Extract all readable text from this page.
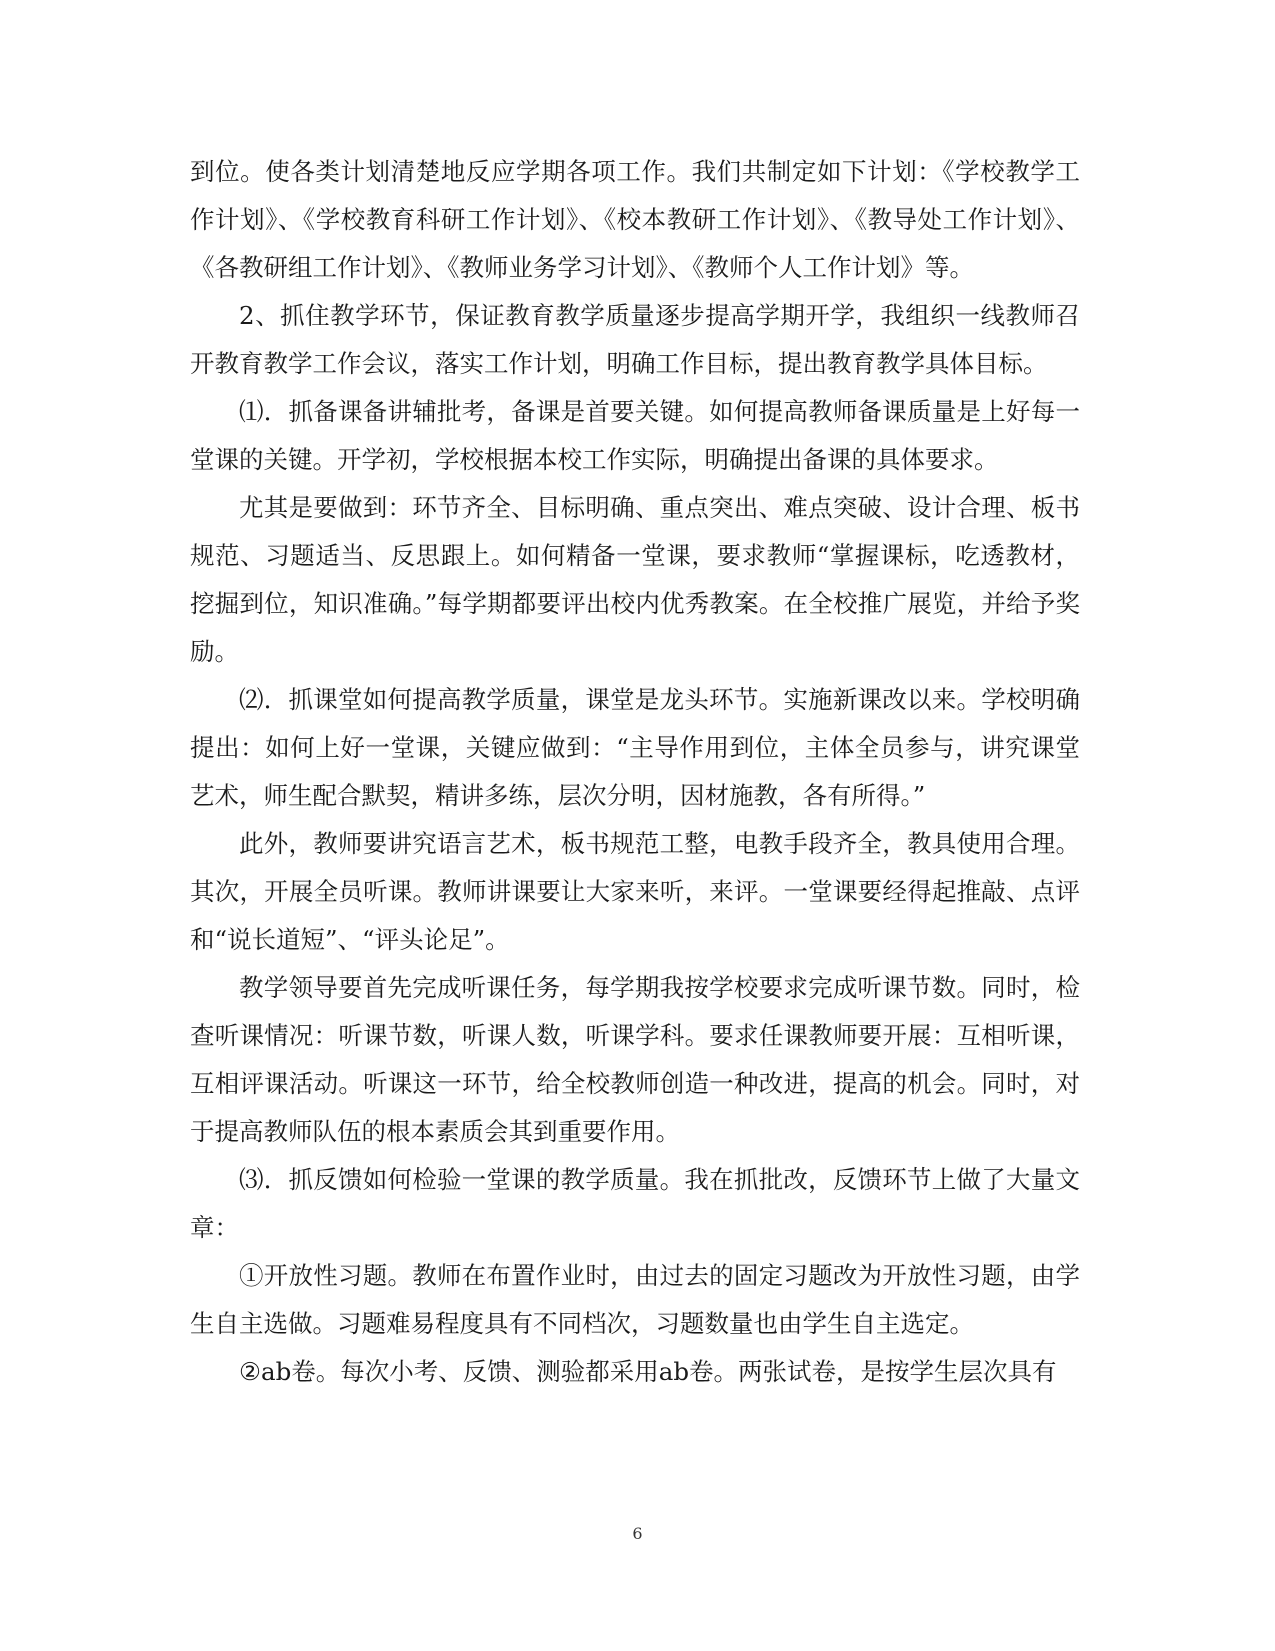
到位。使各类计划清楚地反应学期各项工作。我们共制定如下计划：《学校教学工作计划》、《学校教育科研工作计划》、《校本教研工作计划》、《教导处工作计划》、《各教研组工作计划》、《教师业务学习计划》、《教师个人工作计划》等。

2、抓住教学环节，保证教育教学质量逐步提高学期开学，我组织一线教师召开教育教学工作会议，落实工作计划，明确工作目标，提出教育教学具体目标。

⑴．抓备课备讲辅批考，备课是首要关键。如何提高教师备课质量是上好每一堂课的关键。开学初，学校根据本校工作实际，明确提出备课的具体要求。

尤其是要做到：环节齐全、目标明确、重点突出、难点突破、设计合理、板书规范、习题适当、反思跟上。如何精备一堂课，要求教师“掌握课标，吃透教材，挖掘到位，知识准确。”每学期都要评出校内优秀教案。在全校推广展览，并给予奖励。

⑵．抓课堂如何提高教学质量，课堂是龙头环节。实施新课改以来。学校明确提出：如何上好一堂课，关键应做到：“主导作用到位，主体全员参与，讲究课堂艺术，师生配合默契，精讲多练，层次分明，因材施教，各有所得。”

此外，教师要讲究语言艺术，板书规范工整，电教手段齐全，教具使用合理。其次，开展全员听课。教师讲课要让大家来听，来评。一堂课要经得起推敲、点评和“说长道短”、“评头论足”。

教学领导要首先完成听课任务，每学期我按学校要求完成听课节数。同时，检查听课情况：听课节数，听课人数，听课学科。要求任课教师要开展：互相听课，互相评课活动。听课这一环节，给全校教师创造一种改进，提高的机会。同时，对于提高教师队伍的根本素质会其到重要作用。

⑶．抓反馈如何检验一堂课的教学质量。我在抓批改，反馈环节上做了大量文章：

①开放性习题。教师在布置作业时，由过去的固定习题改为开放性习题，由学生自主选做。习题难易程度具有不同档次，习题数量也由学生自主选定。

②ab卷。每次小考、反馈、测验都采用ab卷。两张试卷，是按学生层次具有

6
